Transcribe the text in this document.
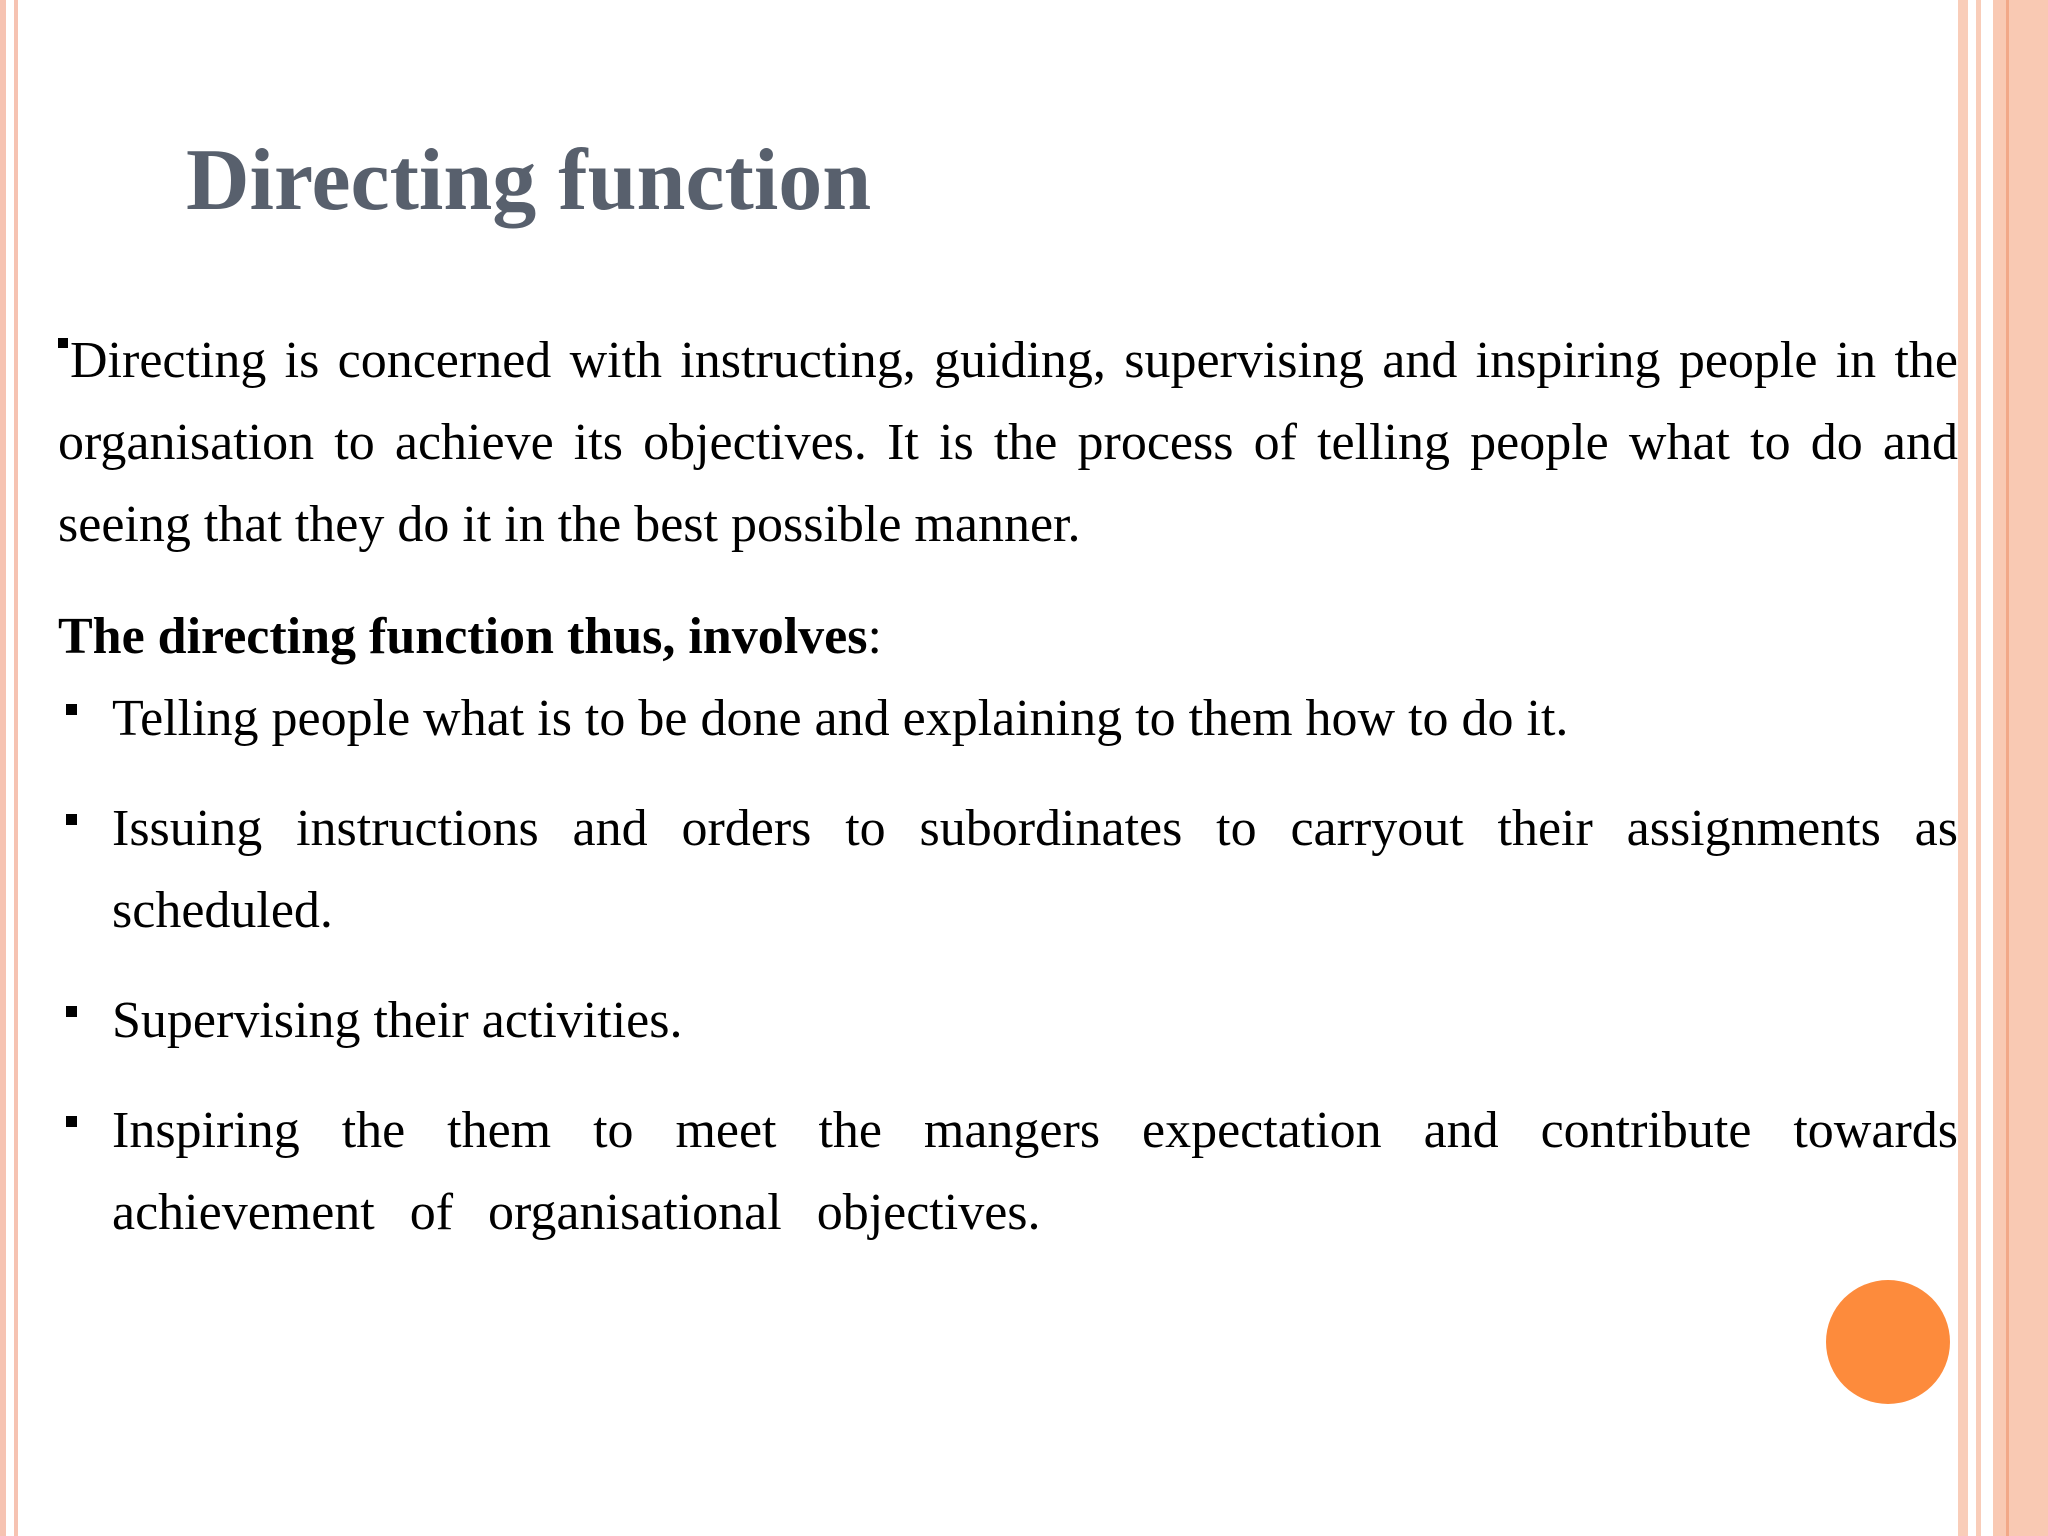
Directing function

Directing is concerned with instructing, guiding, supervising and inspiring people in the organisation to achieve its objectives. It is the process of telling people what to do and seeing that they do it in the best possible manner.

The directing function thus, involves:

Telling people what is to be done and explaining to them how to do it.
Issuing instructions and orders to subordinates to carryout their assignments as scheduled.
Supervising their activities.
Inspiring the them to meet the mangers expectation and contribute towards achievement of organisational objectives.
